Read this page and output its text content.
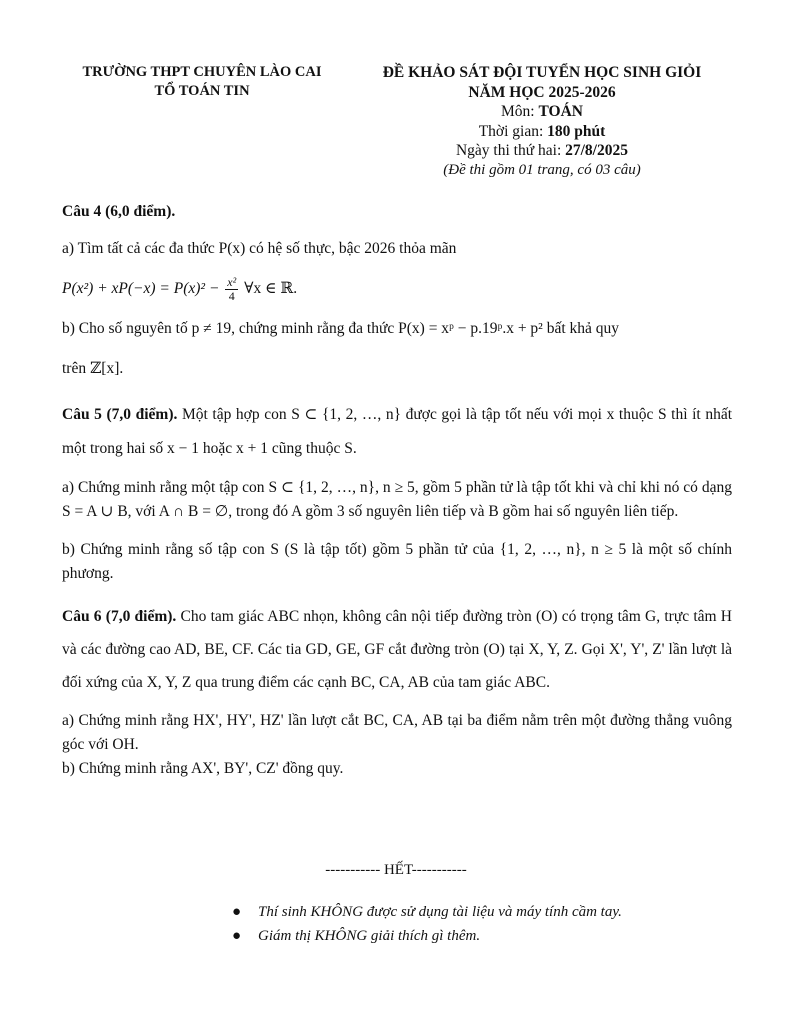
TRƯỜNG THPT CHUYÊN LÀO CAI
TỔ TOÁN TIN
ĐỀ KHẢO SÁT ĐỘI TUYỂN HỌC SINH GIỎI
NĂM HỌC 2025-2026
Môn: TOÁN
Thời gian: 180 phút
Ngày thi thứ hai: 27/8/2025
(Đề thi gồm 01 trang, có 03 câu)

Câu 4 (6,0 điểm).

a) Tìm tất cả các đa thức P(x) có hệ số thực, bậc 2026 thỏa mãn

$P(x^2) + xP(-x) = P(x)^2 - \frac{\text{x²}}{4}$ ∀x ∈ ℝ.

b) Cho số nguyên tố p ≠ 19, chứng minh rằng đa thức P(x) = xᵖ − p.19ᵖ.x + p² bất khả quy

trên ℤ[x].

Câu 5 (7,0 điểm). Một tập hợp con S ⊂ {1, 2, …, n} được gọi là tập tốt nếu với mọi x thuộc S thì ít nhất một trong hai số x − 1 hoặc x + 1 cũng thuộc S.

a) Chứng minh rằng một tập con S ⊂ {1, 2, …, n}, n ≥ 5, gồm 5 phần tử là tập tốt khi và chỉ khi nó có dạng S = A ∪ B, với A ∩ B = ∅, trong đó A gồm 3 số nguyên liên tiếp và B gồm hai số nguyên liên tiếp.

b) Chứng minh rằng số tập con S (S là tập tốt) gồm 5 phần tử của {1, 2, …, n}, n ≥ 5 là một số chính phương.

Câu 6 (7,0 điểm). Cho tam giác ABC nhọn, không cân nội tiếp đường tròn (O) có trọng tâm G, trực tâm H và các đường cao AD, BE, CF. Các tia GD, GE, GF cắt đường tròn (O) tại X, Y, Z. Gọi X', Y', Z' lần lượt là đối xứng của X, Y, Z qua trung điểm các cạnh BC, CA, AB của tam giác ABC.

a) Chứng minh rằng HX', HY', HZ' lần lượt cắt BC, CA, AB tại ba điểm nằm trên một đường thẳng vuông góc với OH.

b) Chứng minh rằng AX', BY', CZ' đồng quy.

----------- HẾT-----------
● Thí sinh KHÔNG được sử dụng tài liệu và máy tính cầm tay.
● Giám thị KHÔNG giải thích gì thêm.
